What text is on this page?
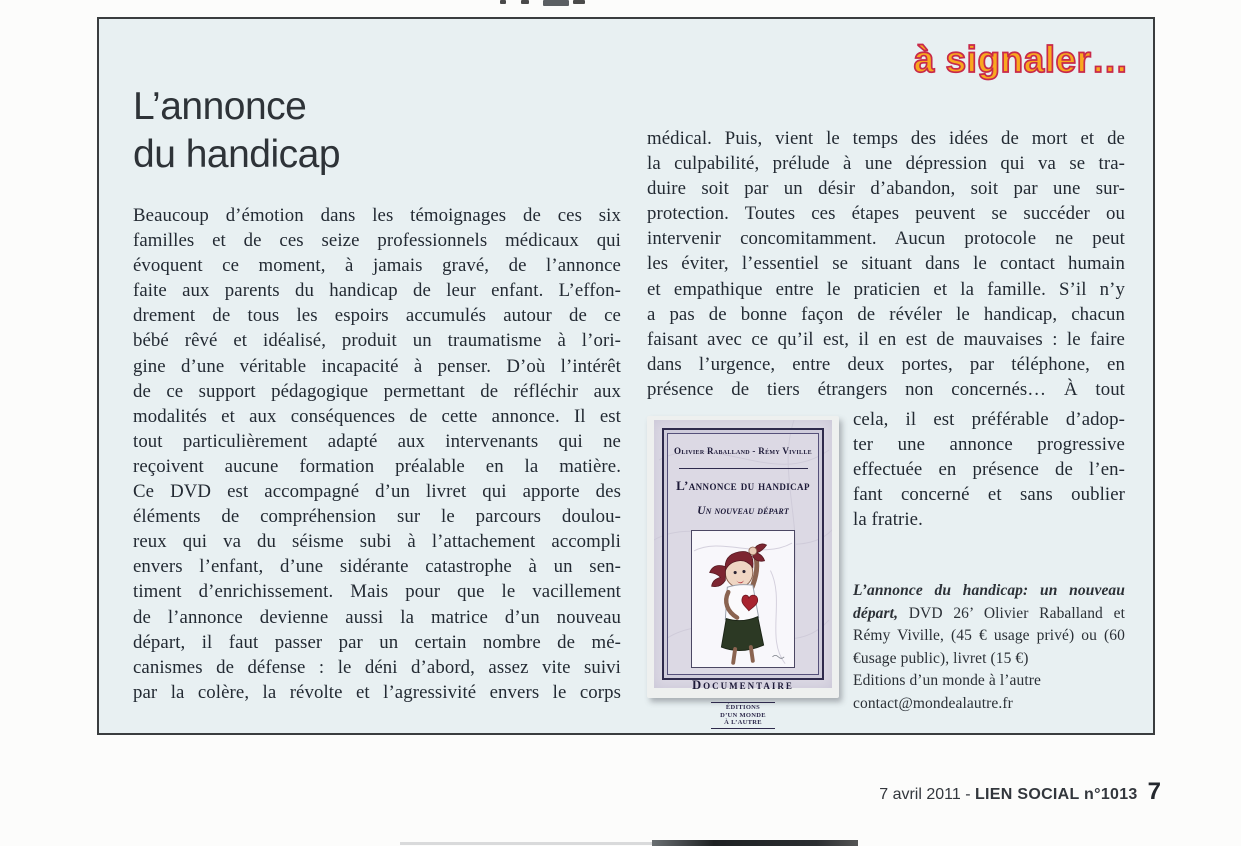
à signaler…
L’annonce
du handicap
Beaucoup d’émotion dans les témoignages de ces six
familles et de ces seize professionnels médicaux qui
évoquent ce moment, à jamais gravé, de l’annonce
faite aux parents du handicap de leur enfant. L’effon-
drement de tous les espoirs accumulés autour de ce
bébé rêvé et idéalisé, produit un traumatisme à l’ori-
gine d’une véritable incapacité à penser. D’où l’intérêt
de ce support pédagogique permettant de réfléchir aux
modalités et aux conséquences de cette annonce. Il est
tout particulièrement adapté aux intervenants qui ne
reçoivent aucune formation préalable en la matière.
Ce DVD est accompagné d’un livret qui apporte des
éléments de compréhension sur le parcours doulou-
reux qui va du séisme subi à l’attachement accompli
envers l’enfant, d’une sidérante catastrophe à un sen-
timent d’enrichissement. Mais pour que le vacillement
de l’annonce devienne aussi la matrice d’un nouveau
départ, il faut passer par un certain nombre de mé-
canismes de défense : le déni d’abord, assez vite suivi
par la colère, la révolte et l’agressivité envers le corps
médical. Puis, vient le temps des idées de mort et de
la culpabilité, prélude à une dépression qui va se tra-
duire soit par un désir d’abandon, soit par une sur-
protection. Toutes ces étapes peuvent se succéder ou
intervenir concomitamment. Aucun protocole ne peut
les éviter, l’essentiel se situant dans le contact humain
et empathique entre le praticien et la famille. S’il n’y
a pas de bonne façon de révéler le handicap, chacun
faisant avec ce qu’il est, il en est de mauvaises : le faire
dans l’urgence, entre deux portes, par téléphone, en
présence de tiers étrangers non concernés… À tout
Olivier Raballand - Rémy Viville
L’annonce du handicap
Un nouveau départ
Documentaire
ÉDITIONS
D’UN MONDE
À L’AUTRE
cela, il est préférable d’adop-
ter une annonce progressive
effectuée en présence de l’en-
fant concerné et sans oublier
la fratrie.
L’annonce du handicap: un nouveau départ, DVD 26’ Olivier Raballand et Rémy Viville, (45 € usage privé) ou (60 €usage public), livret (15 €)
Editions d’un monde à l’autre
contact@mondealautre.fr
7 avril 2011 - LIEN SOCIAL n°1013 7
